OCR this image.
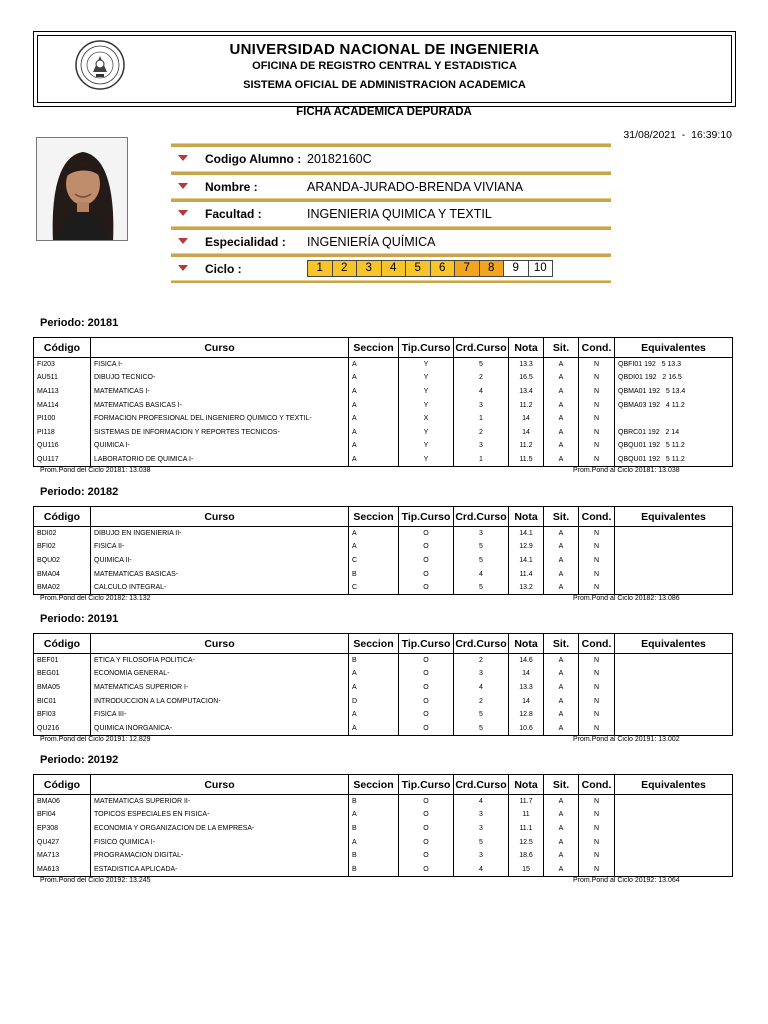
UNIVERSIDAD NACIONAL DE INGENIERIA
OFICINA DE REGISTRO CENTRAL Y ESTADISTICA
SISTEMA OFICIAL DE ADMINISTRACION ACADEMICA
FICHA ACADEMICA DEPURADA
31/08/2021  -  16:39:10
Codigo Alumno : 20182160C
Nombre :	ARANDA-JURADO-BRENDA VIVIANA
Facultad :	INGENIERIA QUIMICA Y TEXTIL
Especialidad : INGENIERÍA QUÍMICA
Ciclo :	1	2	3	4	5	6	7	8	9	10
Periodo: 20181
Código	Curso	Seccion	Tip.Curso	Crd.Curso	Nota	Sit.	Cond.	Equivalentes
FI203	FISICA I-	A	Y	5	13.3	A	N	QBFI01 192   5 13.3
AU511	DIBUJO TECNICO-	A	Y	2	16.5	A	N	QBDI01 192   2 16.5
MA113	MATEMATICAS I-	A	Y	4	13.4	A	N	QBMA01 192   5 13.4
MA114	MATEMATICAS BASICAS I-	A	Y	3	11.2	A	N	QBMA03 192   4 11.2
PI100	FORMACION PROFESIONAL DEL INGENIERO QUIMICO Y TEXTIL-	A	X	1	14	A	N	
PI118	SISTEMAS DE INFORMACION Y REPORTES TECNICOS-	A	Y	2	14	A	N	QBRC01 192   2 14
QU116	QUIMICA I-	A	Y	3	11.2	A	N	QBQU01 192   5 11.2
QU117	LABORATORIO DE QUIMICA I-	A	Y	1	11.5	A	N	QBQU01 192   5 11.2
Prom.Pond del Ciclo 20181: 13.038	Prom.Pond al Ciclo 20181: 13.038
Periodo: 20182
Código	Curso	Seccion	Tip.Curso	Crd.Curso	Nota	Sit.	Cond.	Equivalentes
BDI02	DIBUJO EN INGENIERIA II-	A	O	3	14.1	A	N	
BFI02	FISICA II-	A	O	5	12.9	A	N	
BQU02	QUIMICA II-	C	O	5	14.1	A	N	
BMA04	MATEMATICAS BASICAS-	B	O	4	11.4	A	N	
BMA02	CALCULO INTEGRAL-	C	O	5	13.2	A	N	
Prom.Pond del Ciclo 20182: 13.132	Prom.Pond al Ciclo 20182: 13.086
Periodo: 20191
Código	Curso	Seccion	Tip.Curso	Crd.Curso	Nota	Sit.	Cond.	Equivalentes
BEF01	ETICA Y FILOSOFIA POLITICA-	B	O	2	14.6	A	N	
BEG01	ECONOMIA GENERAL-	A	O	3	14	A	N	
BMA05	MATEMATICAS SUPERIOR I-	A	O	4	13.3	A	N	
BIC01	INTRODUCCION A LA COMPUTACION-	D	O	2	14	A	N	
BFI03	FISICA III-	A	O	5	12.8	A	N	
QU216	QUIMICA INORGANICA-	A	O	5	10.6	A	N	
Prom.Pond del Ciclo 20191: 12.829	Prom.Pond al Ciclo 20191: 13.002
Periodo: 20192
Código	Curso	Seccion	Tip.Curso	Crd.Curso	Nota	Sit.	Cond.	Equivalentes
BMA06	MATEMATICAS SUPERIOR II-	B	O	4	11.7	A	N	
BFI04	TOPICOS ESPECIALES EN FISICA-	A	O	3	11	A	N	
EP308	ECONOMIA Y ORGANIZACION DE LA EMPRESA-	B	O	3	11.1	A	N	
QU427	FISICO QUIMICA I-	A	O	5	12.5	A	N	
MA713	PROGRAMACION DIGITAL-	B	O	3	18.6	A	N	
MA613	ESTADISTICA APLICADA-	B	O	4	15	A	N	
Prom.Pond del Ciclo 20192: 13.245	Prom.Pond al Ciclo 20192: 13.064
